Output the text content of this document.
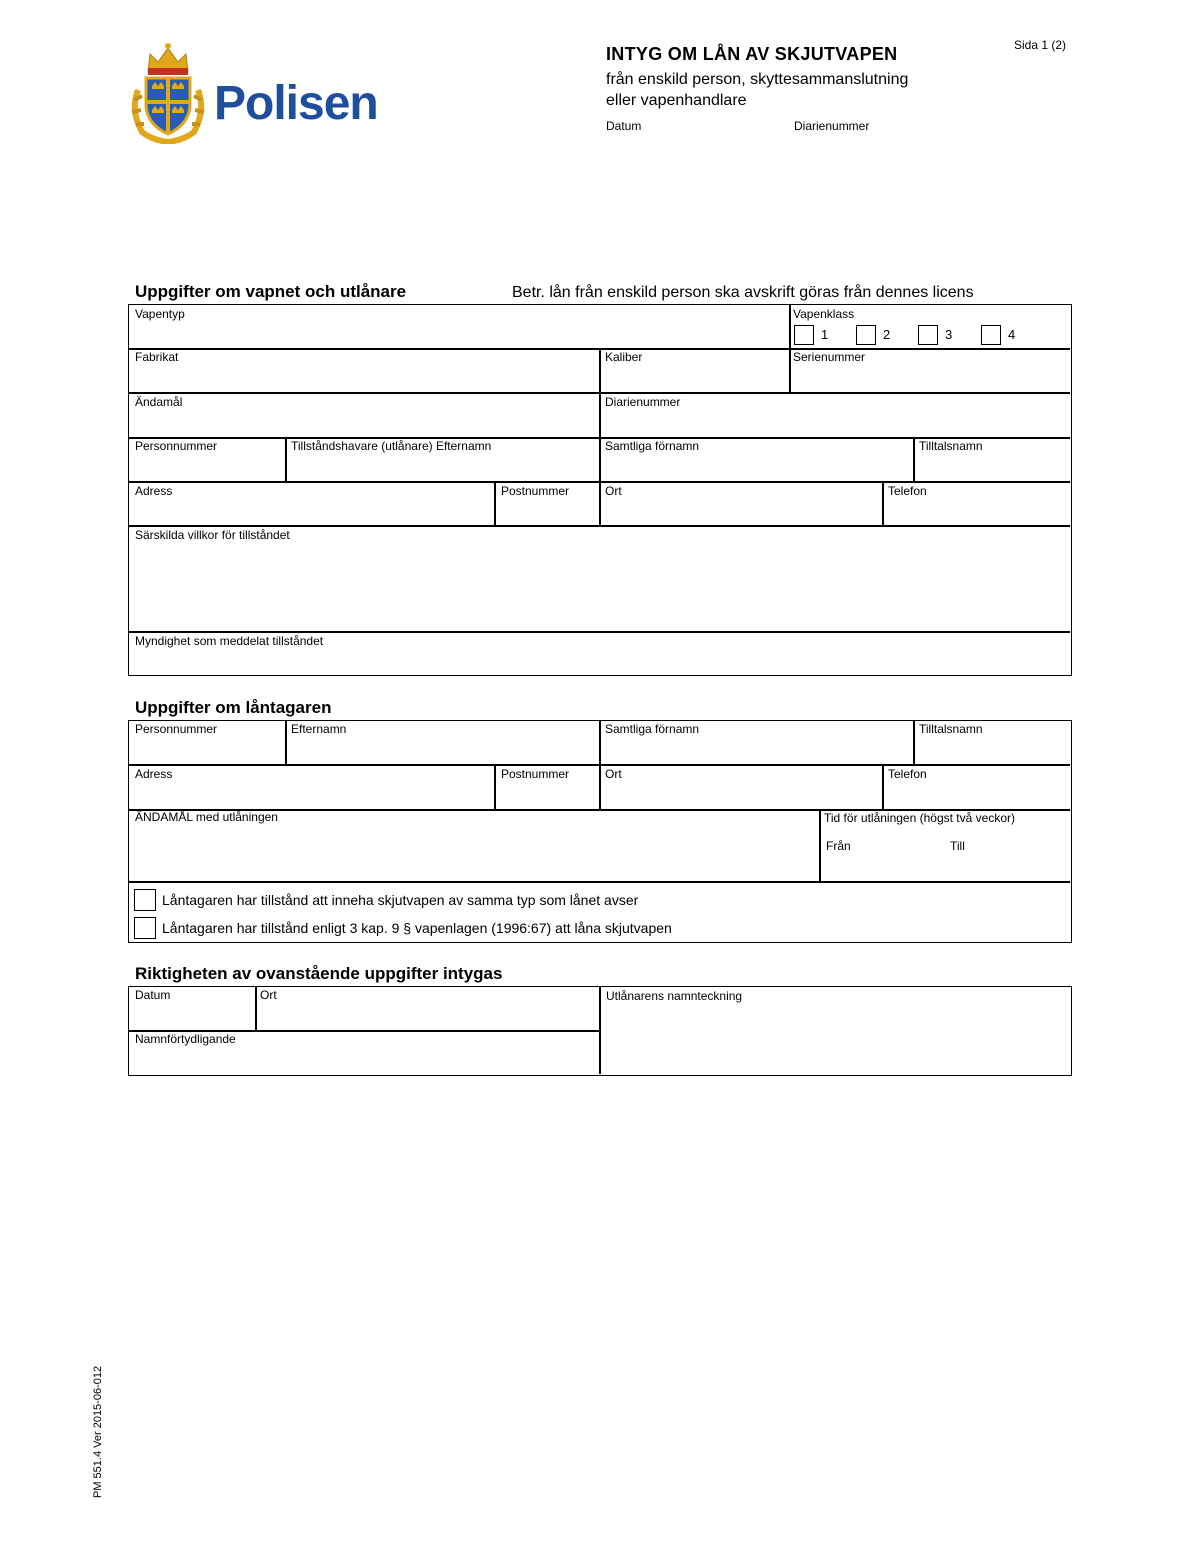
Polisen
INTYG OM LÅN AV SKJUTVAPEN
från enskild person, skyttesammanslutning
eller vapenhandlare
Sida 1 (2)
Datum	Diarienummer
Uppgifter om vapnet och utlånare	Betr. lån från enskild person ska avskrift göras från dennes licens
Vapentyp	Vapenklass
1	2	3	4
Fabrikat	Kaliber	Serienummer
Ändamål	Diarienummer
Personnummer	Tillståndshavare (utlånare) Efternamn	Samtliga förnamn	Tilltalsnamn
Adress	Postnummer	Ort	Telefon
Särskilda villkor för tillståndet
Myndighet som meddelat tillståndet
Uppgifter om låntagaren
Personnummer	Efternamn	Samtliga förnamn	Tilltalsnamn
Adress	Postnummer	Ort	Telefon
ÄNDAMÅL med utlåningen	Tid för utlåningen (högst två veckor)
Från	Till
Låntagaren har tillstånd att inneha skjutvapen av samma typ som lånet avser
Låntagaren har tillstånd enligt 3 kap. 9 § vapenlagen (1996:67) att låna skjutvapen
Riktigheten av ovanstående uppgifter intygas
Datum	Ort	Utlånarens namnteckning
Namnförtydligande
PM 551.4 Ver 2015-06-012
